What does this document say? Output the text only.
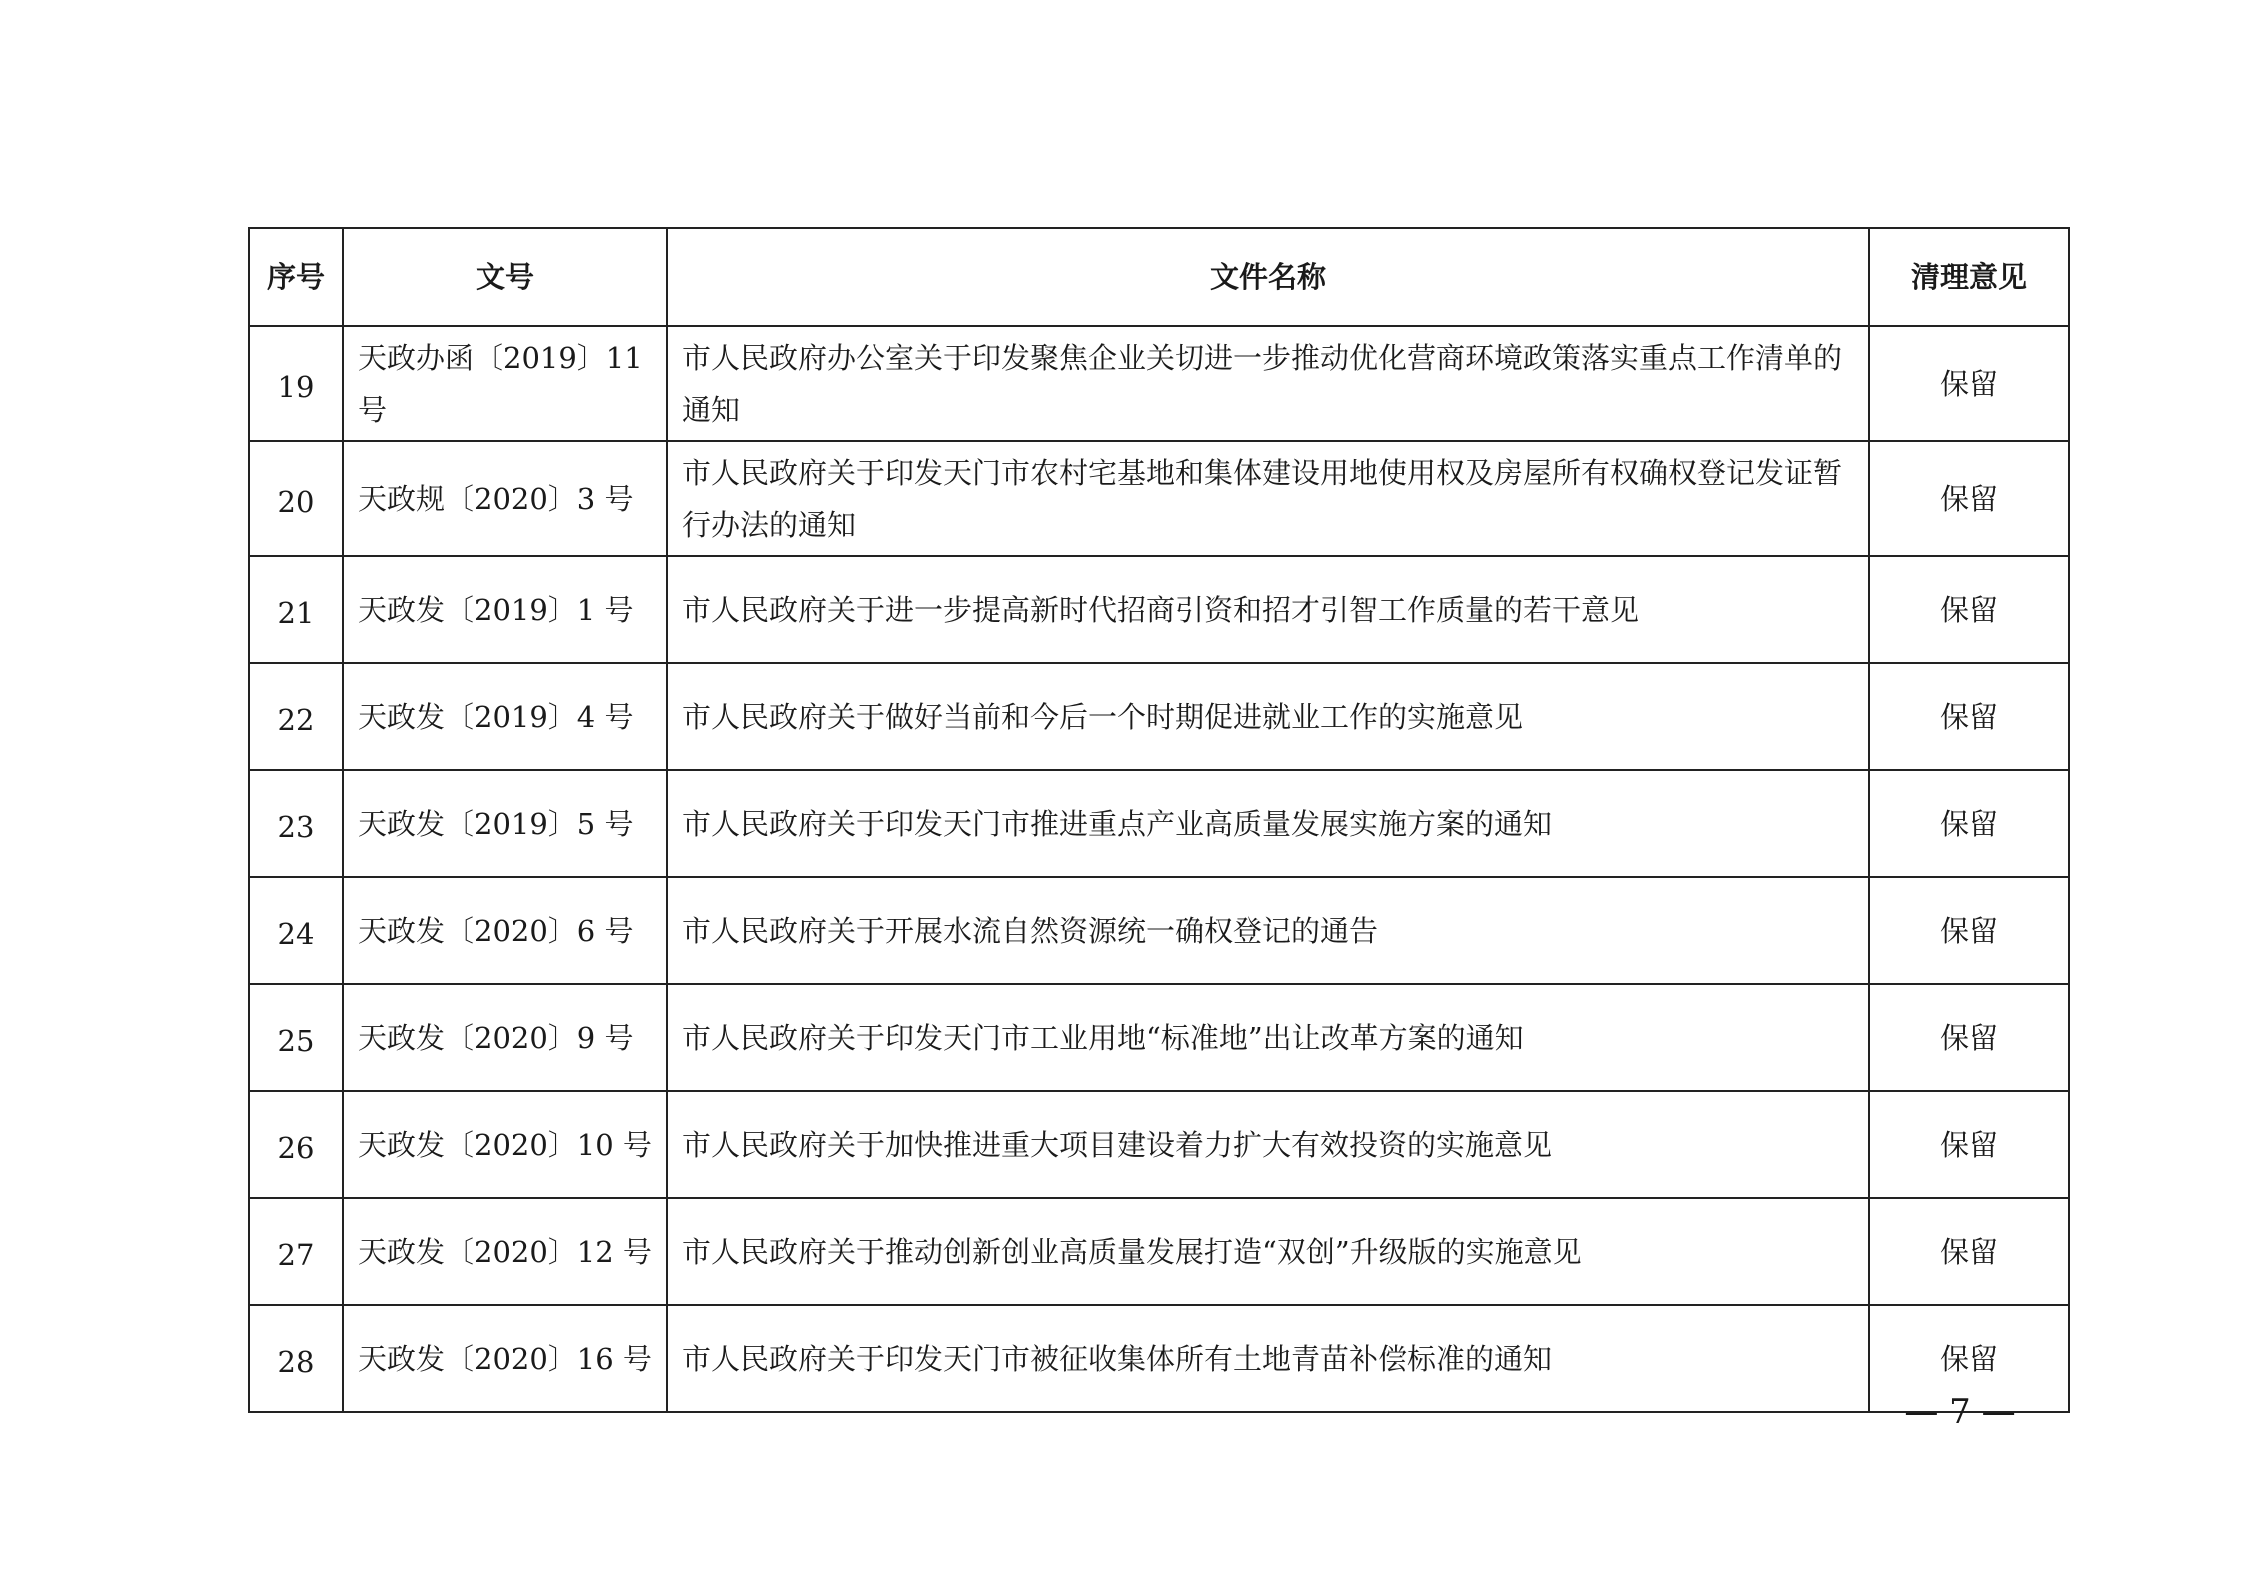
序号	文号	文件名称	清理意见
19	天政办函〔2019〕11 号	市人民政府办公室关于印发聚焦企业关切进一步推动优化营商环境政策落实重点工作清单的通知	保留
20	天政规〔2020〕3 号	市人民政府关于印发天门市农村宅基地和集体建设用地使用权及房屋所有权确权登记发证暂行办法的通知	保留
21	天政发〔2019〕1 号	市人民政府关于进一步提高新时代招商引资和招才引智工作质量的若干意见	保留
22	天政发〔2019〕4 号	市人民政府关于做好当前和今后一个时期促进就业工作的实施意见	保留
23	天政发〔2019〕5 号	市人民政府关于印发天门市推进重点产业高质量发展实施方案的通知	保留
24	天政发〔2020〕6 号	市人民政府关于开展水流自然资源统一确权登记的通告	保留
25	天政发〔2020〕9 号	市人民政府关于印发天门市工业用地“标准地”出让改革方案的通知	保留
26	天政发〔2020〕10 号	市人民政府关于加快推进重大项目建设着力扩大有效投资的实施意见	保留
27	天政发〔2020〕12 号	市人民政府关于推动创新创业高质量发展打造“双创”升级版的实施意见	保留
28	天政发〔2020〕16 号	市人民政府关于印发天门市被征收集体所有土地青苗补偿标准的通知	保留
— 7 —
